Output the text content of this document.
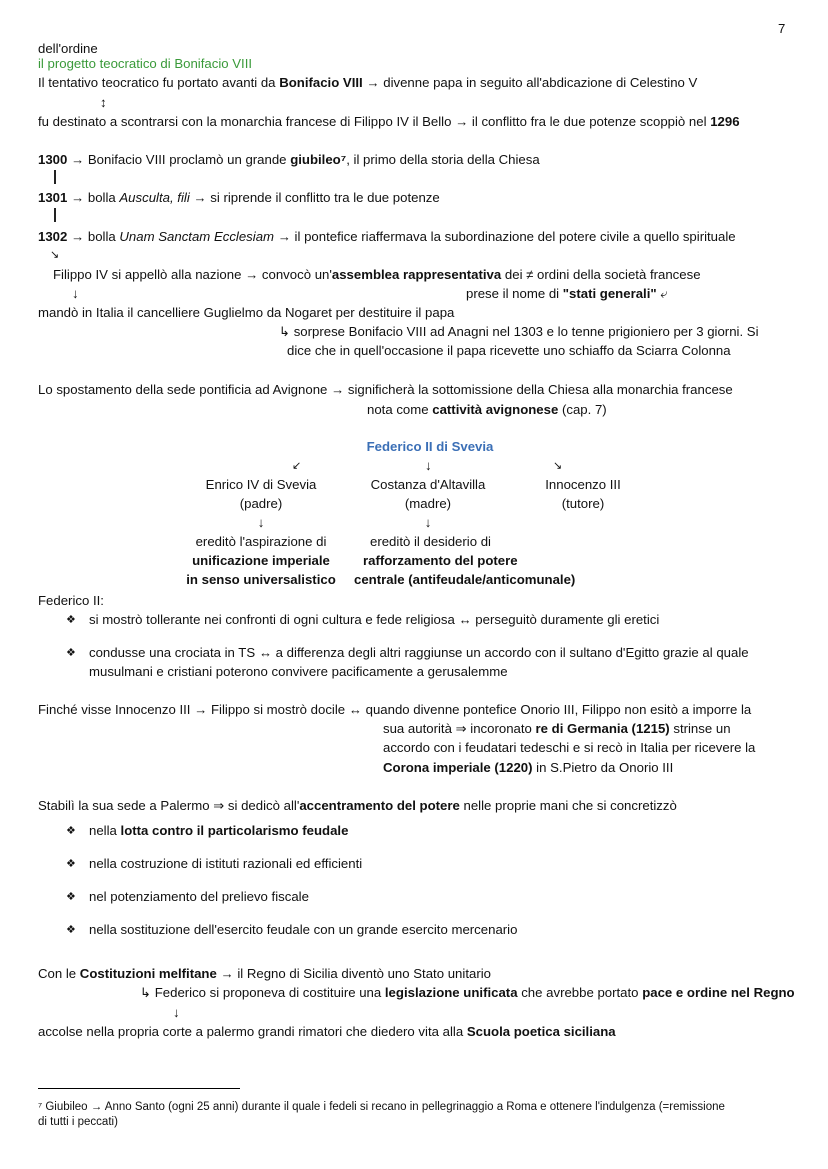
7
dell'ordine
il progetto teocratico di Bonifacio VIII
Il tentativo teocratico fu portato avanti da Bonifacio VIII → divenne papa in seguito all'abdicazione di Celestino V
↕
fu destinato a scontrarsi con la monarchia francese di Filippo IV il Bello → il conflitto fra le due potenze scoppiò nel 1296
1300 → Bonifacio VIII proclamò un grande giubileo⁷, il primo della storia della Chiesa
1301 → bolla Ausculta, fili → si riprende il conflitto tra le due potenze
1302 → bolla Unam Sanctam Ecclesiam → il pontefice riaffermava la subordinazione del potere civile a quello spirituale
↘
Filippo IV si appellò alla nazione → convocò un'assemblea rappresentativa dei ≠ ordini della società francese
↓	prese il nome di "stati generali" ⤶
mandò in Italia il cancelliere Guglielmo da Nogaret per destituire il papa
↳ sorprese Bonifacio VIII ad Anagni nel 1303 e lo tenne prigioniero per 3 giorni. Si
dice che in quell'occasione il papa ricevette uno schiaffo da Sciarra Colonna
Lo spostamento della sede pontificia ad Avignone → significherà la sottomissione della Chiesa alla monarchia francese
nota come cattività avignonese (cap. 7)
Federico II di Svevia
↙	↓	↘
Enrico IV di Svevia
(padre)
Costanza d'Altavilla
(madre)
Innocenzo III
(tutore)
↓	↓
ereditò l'aspirazione di
unificazione imperiale
in senso universalistico
ereditò il desiderio di
rafforzamento del potere
centrale (antifeudale/anticomunale)
Federico II:
❖ si mostrò tollerante nei confronti di ogni cultura e fede religiosa ↔ perseguitò duramente gli eretici
❖ condusse una crociata in TS ↔ a differenza degli altri raggiunse un accordo con il sultano d'Egitto grazie al quale
musulmani e cristiani poterono convivere pacificamente a gerusalemme
Finché visse Innocenzo III → Filippo si mostrò docile ↔ quando divenne pontefice Onorio III, Filippo non esitò a imporre la
sua autorità ⇒ incoronato re di Germania (1215) strinse un
accordo con i feudatari tedeschi e si recò in Italia per ricevere la
Corona imperiale (1220) in S.Pietro da Onorio III
Stabilì la sua sede a Palermo ⇒ si dedicò all'accentramento del potere nelle proprie mani che si concretizzò
❖ nella lotta contro il particolarismo feudale
❖ nella costruzione di istituti razionali ed efficienti
❖ nel potenziamento del prelievo fiscale
❖ nella sostituzione dell'esercito feudale con un grande esercito mercenario
Con le Costituzioni melfitane → il Regno di Sicilia diventò uno Stato unitario
↳ Federico si proponeva di costituire una legislazione unificata che avrebbe portato pace e ordine nel Regno
↓
accolse nella propria corte a palermo grandi rimatori che diedero vita alla Scuola poetica siciliana
⁷ Giubileo → Anno Santo (ogni 25 anni) durante il quale i fedeli si recano in pellegrinaggio a Roma e ottenere l'indulgenza (=remissione
di tutti i peccati)
